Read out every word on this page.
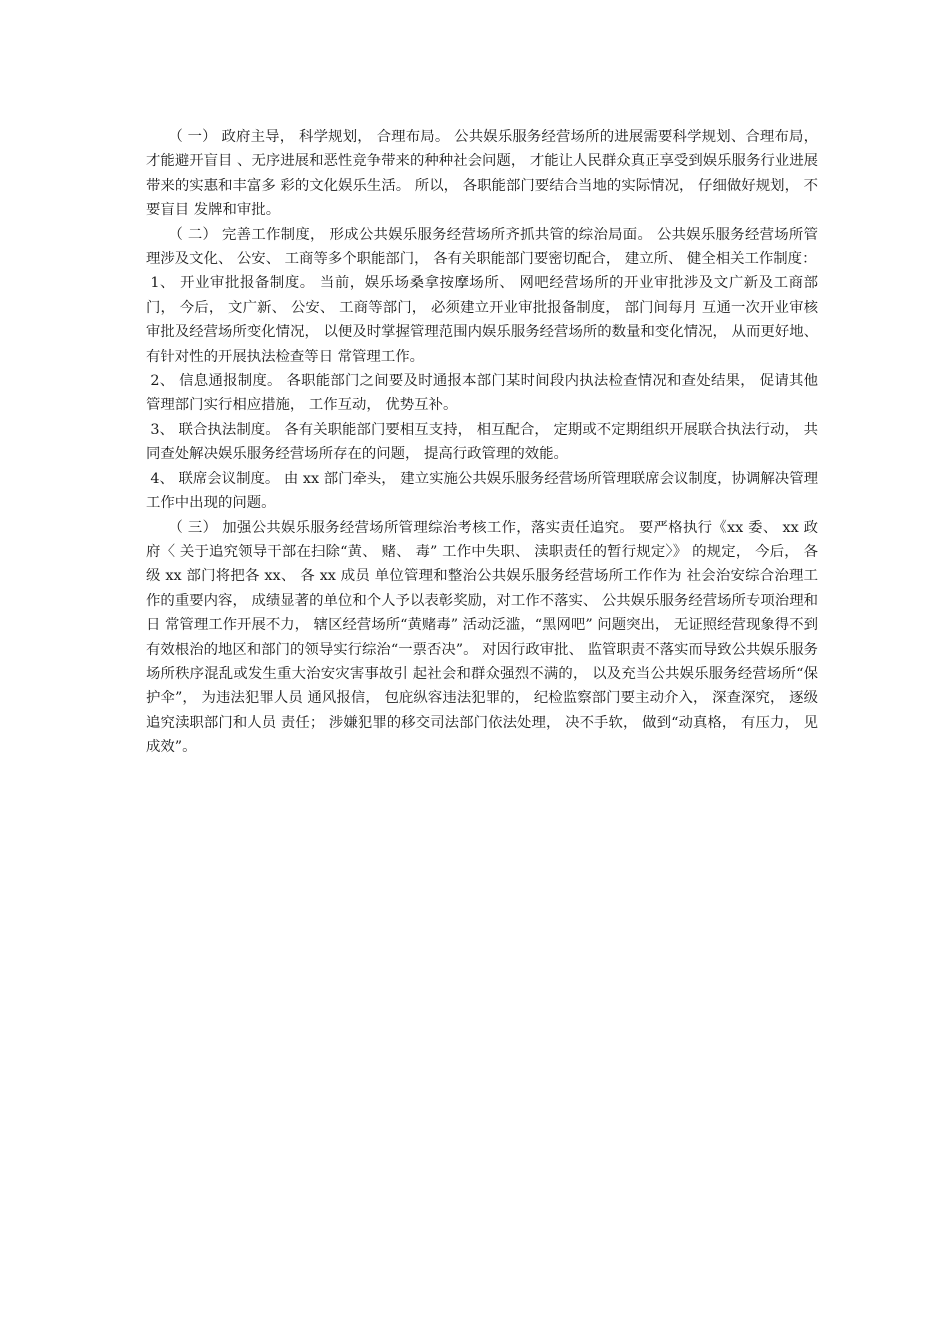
（ 一） 政府主导， 科学规划， 合理布局。 公共娱乐服务经营场所的进展需要科学规划、合理布局， 才能避开盲目 、无序进展和恶性竞争带来的种种社会问题， 才能让人民群众真正享受到娱乐服务行业进展带来的实惠和丰富多 彩的文化娱乐生活。 所以， 各职能部门要结合当地的实际情况， 仔细做好规划， 不要盲目 发牌和审批。

（ 二） 完善工作制度， 形成公共娱乐服务经营场所齐抓共管的综治局面。 公共娱乐服务经营场所管理涉及文化、 公安、 工商等多个职能部门， 各有关职能部门要密切配合， 建立所、 健全相关工作制度：

1、 开业审批报备制度。 当前，娱乐场桑拿按摩场所、 网吧经营场所的开业审批涉及文广新及工商部门， 今后， 文广新、 公安、 工商等部门， 必须建立开业审批报备制度， 部门间每月 互通一次开业审核审批及经营场所变化情况， 以便及时掌握管理范围内娱乐服务经营场所的数量和变化情况， 从而更好地、 有针对性的开展执法检查等日 常管理工作。

2、 信息通报制度。 各职能部门之间要及时通报本部门某时间段内执法检查情况和查处结果， 促请其他管理部门实行相应措施， 工作互动， 优势互补。

3、 联合执法制度。 各有关职能部门要相互支持， 相互配合， 定期或不定期组织开展联合执法行动， 共同查处解决娱乐服务经营场所存在的问题， 提高行政管理的效能。

4、 联席会议制度。 由 xx 部门牵头， 建立实施公共娱乐服务经营场所管理联席会议制度，协调解决管理工作中出现的问题。

（ 三） 加强公共娱乐服务经营场所管理综治考核工作，落实责任追究。 要严格执行《xx 委、 xx 政府〈 关于追究领导干部在扫除“黄、 赌、 毒” 工作中失职、 渎职责任的暂行规定〉》 的规定， 今后， 各级 xx 部门将把各 xx、 各 xx 成员 单位管理和整治公共娱乐服务经营场所工作作为 社会治安综合治理工作的重要内容， 成绩显著的单位和个人予以表彰奖励，对工作不落实、 公共娱乐服务经营场所专项治理和日 常管理工作开展不力， 辖区经营场所“黄赌毒” 活动泛滥，“黑网吧” 问题突出， 无证照经营现象得不到有效根治的地区和部门的领导实行综治“一票否决”。 对因行政审批、 监管职责不落实而导致公共娱乐服务场所秩序混乱或发生重大治安灾害事故引 起社会和群众强烈不满的， 以及充当公共娱乐服务经营场所“保护伞”， 为违法犯罪人员 通风报信， 包庇纵容违法犯罪的， 纪检监察部门要主动介入， 深查深究， 逐级追究渎职部门和人员 责任； 涉嫌犯罪的移交司法部门依法处理， 决不手软， 做到“动真格， 有压力， 见成效”。
